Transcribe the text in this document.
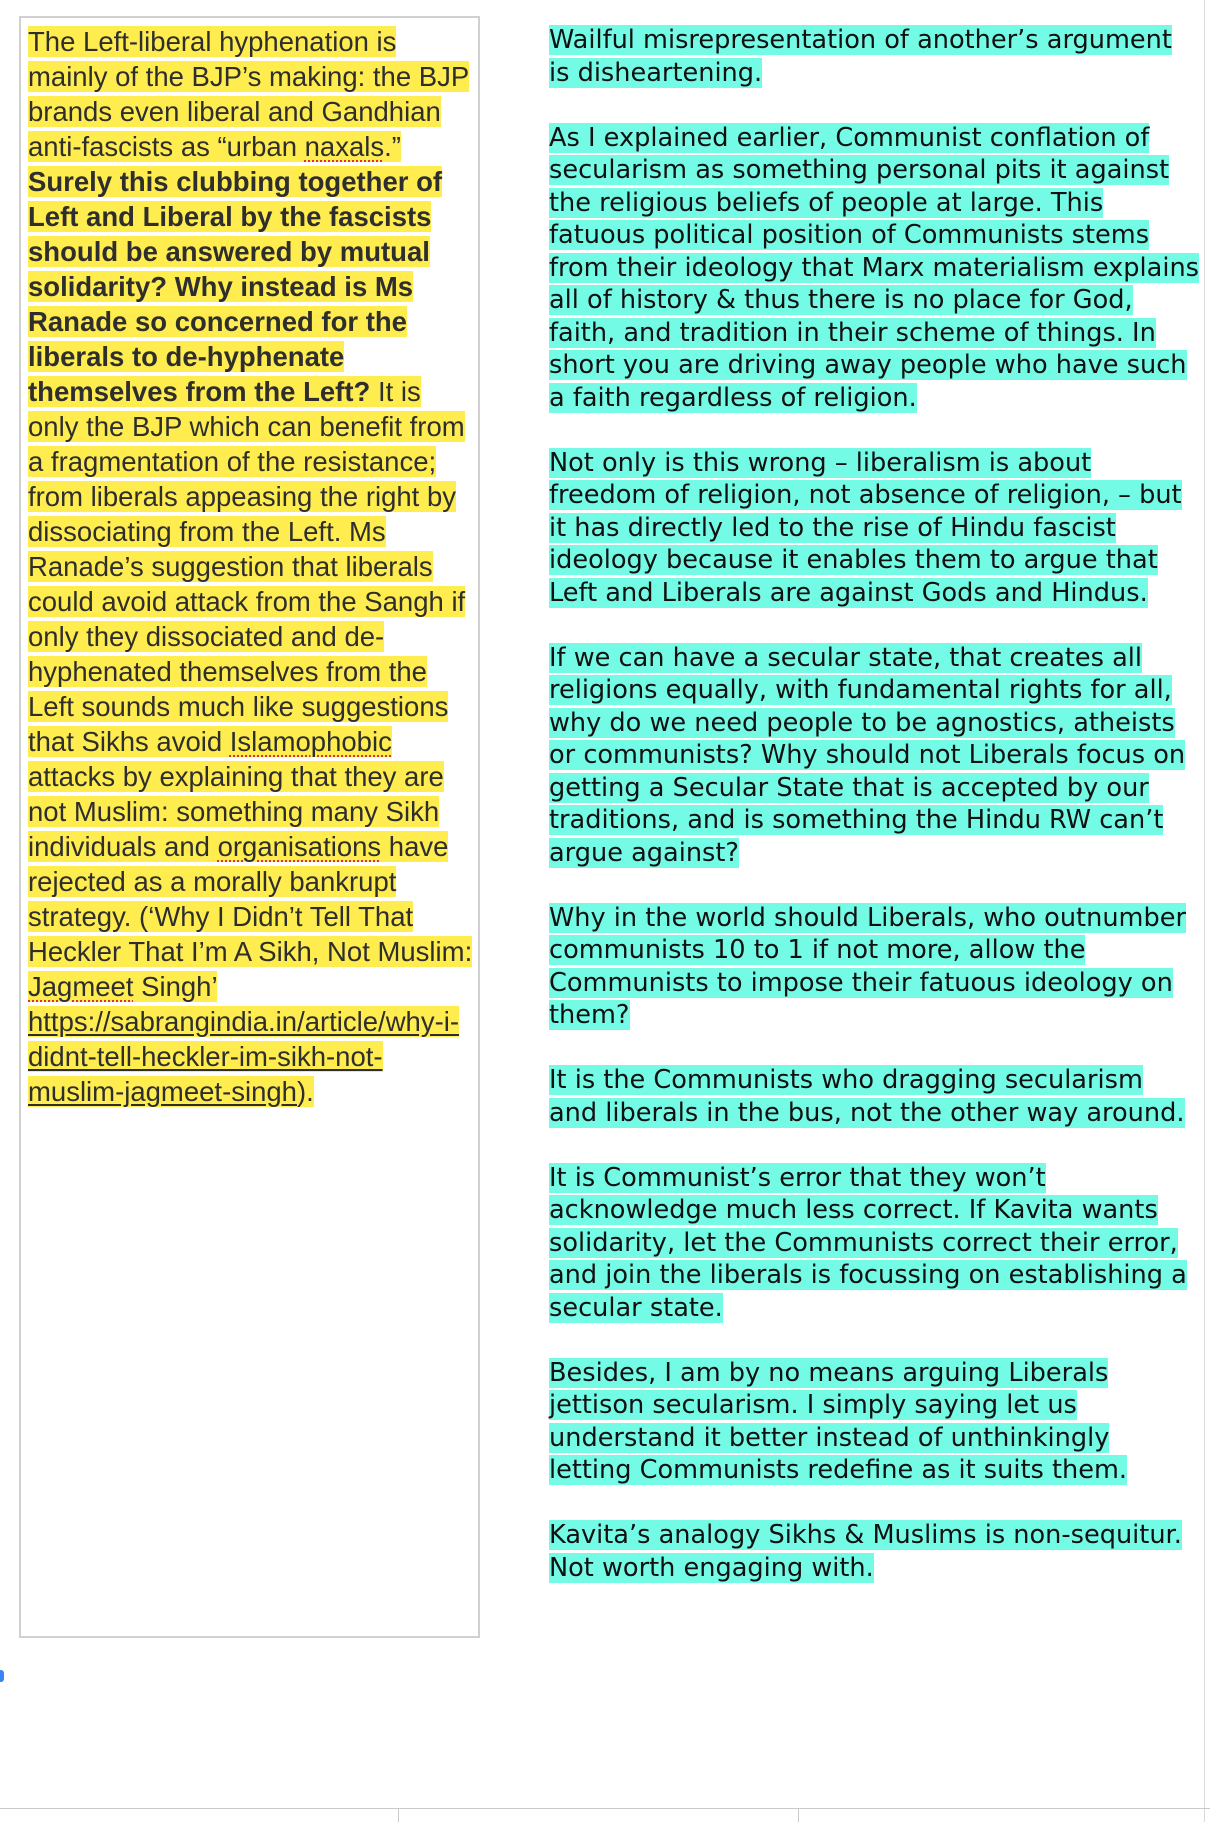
The Left-liberal hyphenation is mainly of the BJP’s making: the BJP brands even liberal and Gandhian anti-fascists as “urban naxals.” Surely this clubbing together of Left and Liberal by the fascists should be answered by mutual solidarity? Why instead is Ms Ranade so concerned for the liberals to de-hyphenate themselves from the Left? It is only the BJP which can benefit from a fragmentation of the resistance; from liberals appeasing the right by dissociating from the Left. Ms Ranade’s suggestion that liberals could avoid attack from the Sangh if only they dissociated and de-hyphenated themselves from the Left sounds much like suggestions that Sikhs avoid Islamophobic attacks by explaining that they are not Muslim: something many Sikh individuals and organisations have rejected as a morally bankrupt strategy. (‘Why I Didn’t Tell That Heckler That I’m A Sikh, Not Muslim: Jagmeet Singh’ https://sabrangindia.in/article/why-i-didnt-tell-heckler-im-sikh-not-muslim-jagmeet-singh).

Wailful misrepresentation of another’s argument is disheartening.

As I explained earlier, Communist conflation of secularism as something personal pits it against the religious beliefs of people at large. This fatuous political position of Communists stems from their ideology that Marx materialism explains all of history & thus there is no place for God, faith, and tradition in their scheme of things. In short you are driving away people who have such a faith regardless of religion.

Not only is this wrong – liberalism is about freedom of religion, not absence of religion, – but it has directly led to the rise of Hindu fascist ideology because it enables them to argue that Left and Liberals are against Gods and Hindus.

If we can have a secular state, that creates all religions equally, with fundamental rights for all, why do we need people to be agnostics, atheists or communists? Why should not Liberals focus on getting a Secular State that is accepted by our traditions, and is something the Hindu RW can’t argue against?

Why in the world should Liberals, who outnumber communists 10 to 1 if not more, allow the Communists to impose their fatuous ideology on them?

It is the Communists who dragging secularism and liberals in the bus, not the other way around.

It is Communist’s error that they won’t acknowledge much less correct. If Kavita wants solidarity, let the Communists correct their error, and join the liberals is focussing on establishing a secular state.

Besides, I am by no means arguing Liberals jettison secularism. I simply saying let us understand it better instead of unthinkingly letting Communists redefine as it suits them.

Kavita’s analogy Sikhs & Muslims is non-sequitur. Not worth engaging with.
